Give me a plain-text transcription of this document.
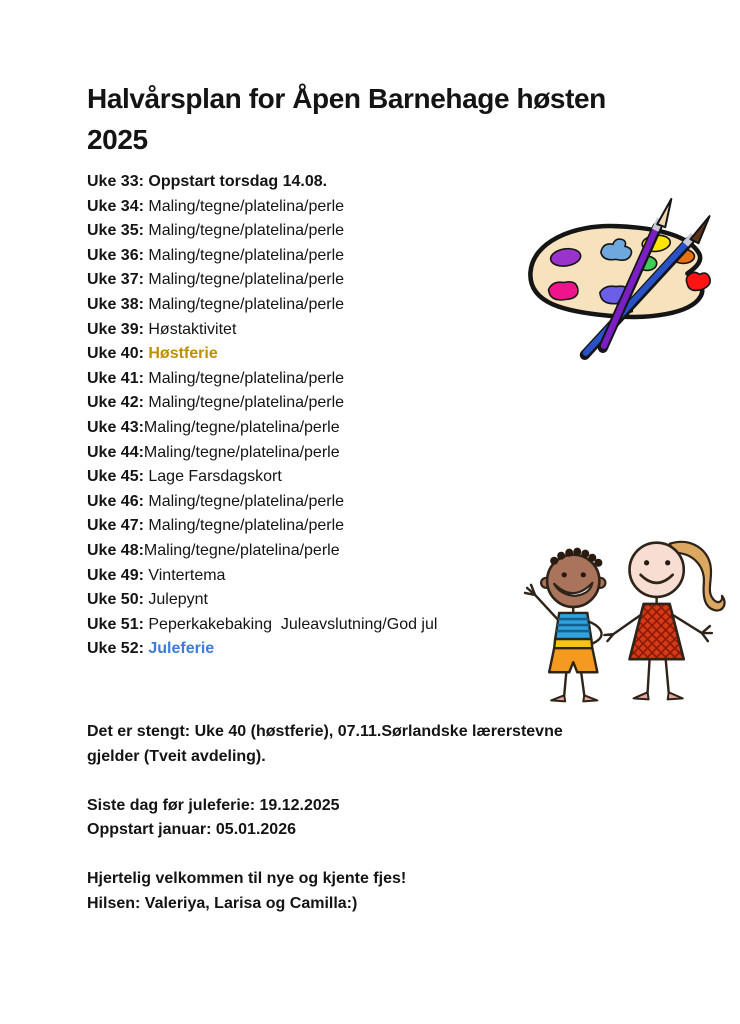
Halvårsplan for Åpen Barnehage høsten
2025
Uke 33: Oppstart torsdag 14.08.
Uke 34: Maling/tegne/platelina/perle
Uke 35: Maling/tegne/platelina/perle
Uke 36: Maling/tegne/platelina/perle
Uke 37: Maling/tegne/platelina/perle
Uke 38: Maling/tegne/platelina/perle
Uke 39: Høstaktivitet
Uke 40: Høstferie
Uke 41: Maling/tegne/platelina/perle
Uke 42: Maling/tegne/platelina/perle
Uke 43:Maling/tegne/platelina/perle
Uke 44:Maling/tegne/platelina/perle
Uke 45: Lage Farsdagskort
Uke 46: Maling/tegne/platelina/perle
Uke 47: Maling/tegne/platelina/perle
Uke 48:Maling/tegne/platelina/perle
Uke 49: Vintertema
Uke 50: Julepynt
Uke 51: Peperkakebaking  Juleavslutning/God jul
Uke 52: Juleferie

Det er stengt: Uke 40 (høstferie), 07.11.Sørlandske lærerstevne
gjelder (Tveit avdeling).

Siste dag før juleferie: 19.12.2025
Oppstart januar: 05.01.2026

Hjertelig velkommen til nye og kjente fjes!
Hilsen: Valeriya, Larisa og Camilla:)
